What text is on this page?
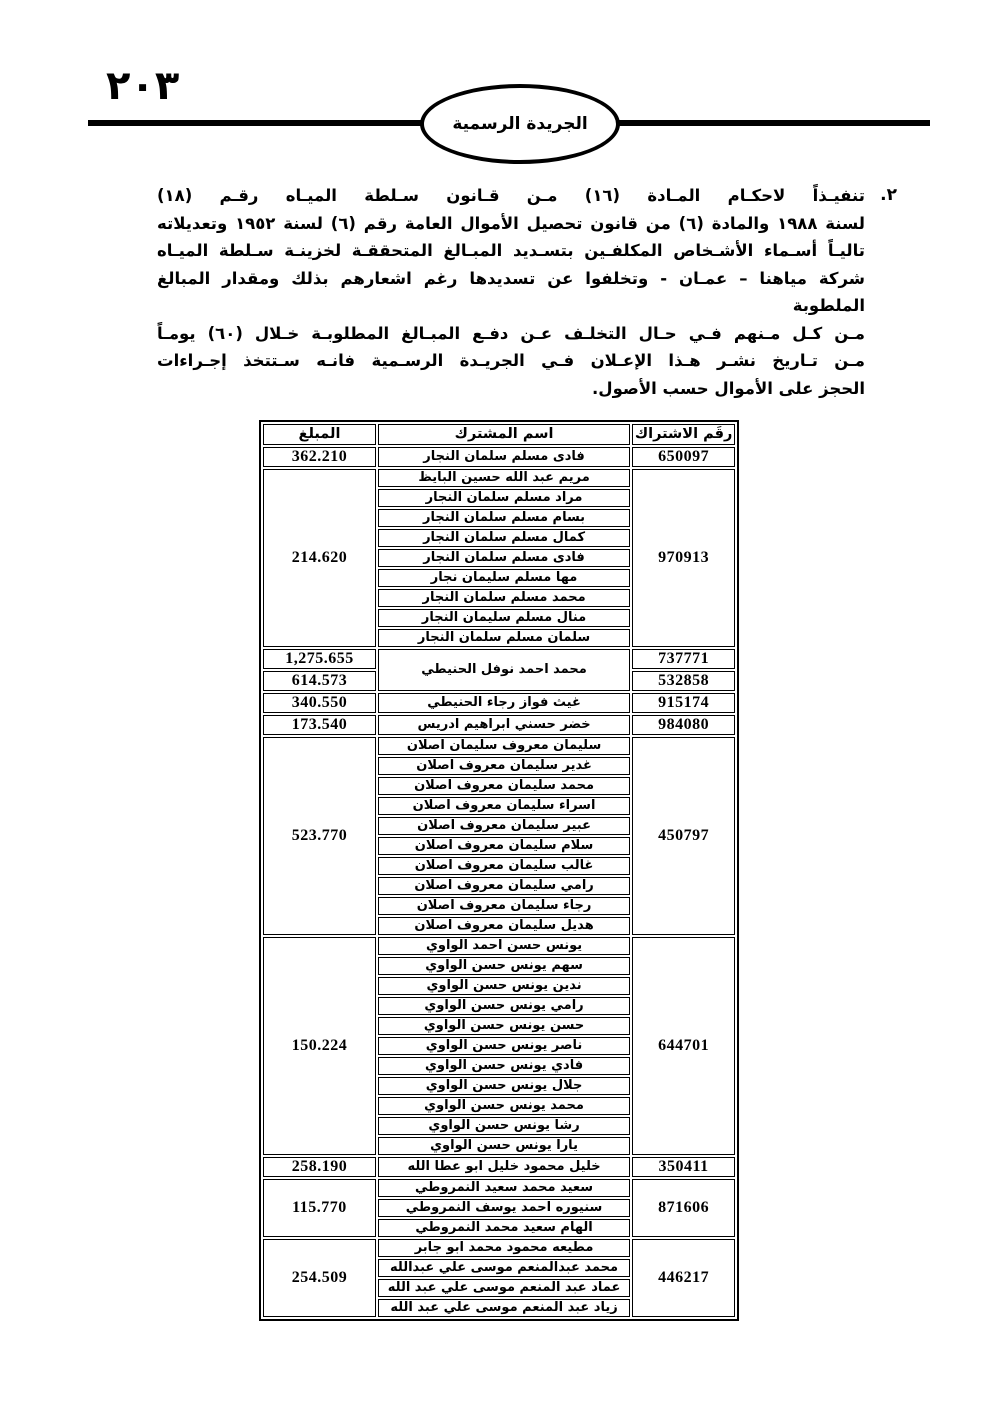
٢٠٣
الجريدة الرسمية
٢.
تنفيـذاً لاحكـام المـادة (١٦) مـن قـانون سـلطة الميـاه رقـم (١٨)
لسنة ١٩٨٨ والمادة (٦) من قانون تحصيل الأموال العامة رقم (٦) لسنة ١٩٥٢ وتعديلاته
تاليـاً أسـماء الأشـخاص المكلفـين بتسـديد المبـالغ المتحققـة لخزينـة سـلطة الميـاه
شركة مياهنا – عمـان - وتخلفوا عن تسديدها رغم اشعارهم بذلك ومقدار المبالغ الملطوبة
مـن كـل مـنهم فـي حـال التخلـف عـن دفـع المبـالغ المطلوبـة خـلال (٦٠) يومـاً
مـن تـاريخ نشـر هـذا الإعـلان فـي الجريـدة الرسـمية فانـه سـتتخذ إجـراءات
الحجز على الأموال حسب الأصول.
رقَم الاشتراك	اسم المشترك	المبلغ
650097	فادى مسلم سلمان النجار	362.210
970913	مريم عبد الله حسين البايظ	214.620
	مراد مسلم سلمان النجار	
	بسام مسلم سلمان النجار	
	كمال مسلم سلمان النجار	
	فادى مسلم سلمان النجار	
	مها مسلم سليمان نجار	
	محمد مسلم سلمان النجار	
	منال مسلم سليمان النجار	
	سلمان مسلم سلمان النجار	
737771	محمد احمد نوفل الحنيطي	1,275.655
532858		614.573
915174	غيث فواز رجاء الحنيطي	340.550
984080	خضر حسني ابراهيم ادريس	173.540
450797	سليمان معروف سليمان اصلان	523.770
	غدير سليمان معروف اصلان	
	محمد سليمان معروف اصلان	
	اسراء سليمان معروف اصلان	
	عبير سليمان معروف اصلان	
	سلام سليمان معروف اصلان	
	غالب سليمان معروف اصلان	
	رامي سليمان معروف اصلان	
	رجاء سليمان معروف اصلان	
	هديل سليمان معروف اصلان	
644701	يونس حسن احمد الواوي	150.224
	سهم يونس حسن الواوي	
	ندين يونس حسن الواوي	
	رامي يونس حسن الواوي	
	حسن يونس حسن الواوي	
	ناصر يونس حسن الواوي	
	فادي يونس حسن الواوي	
	جلال يونس حسن الواوي	
	محمد يونس حسن الواوي	
	رشا يونس حسن الواوي	
	يارا يونس حسن الواوي	
350411	خليل محمود خليل ابو عطا الله	258.190
871606	سعيد محمد سعيد النمروطي	115.770
	سنيوره احمد يوسف النمروطي	
	الهام سعيد محمد النمروطي	
446217	مطيعه محمود محمد ابو جابر	254.509
	محمد عبدالمنعم موسى علي عبدالله	
	عماد عبد المنعم موسى علي عبد الله	
	زياد عبد المنعم موسى علي عبد الله	
